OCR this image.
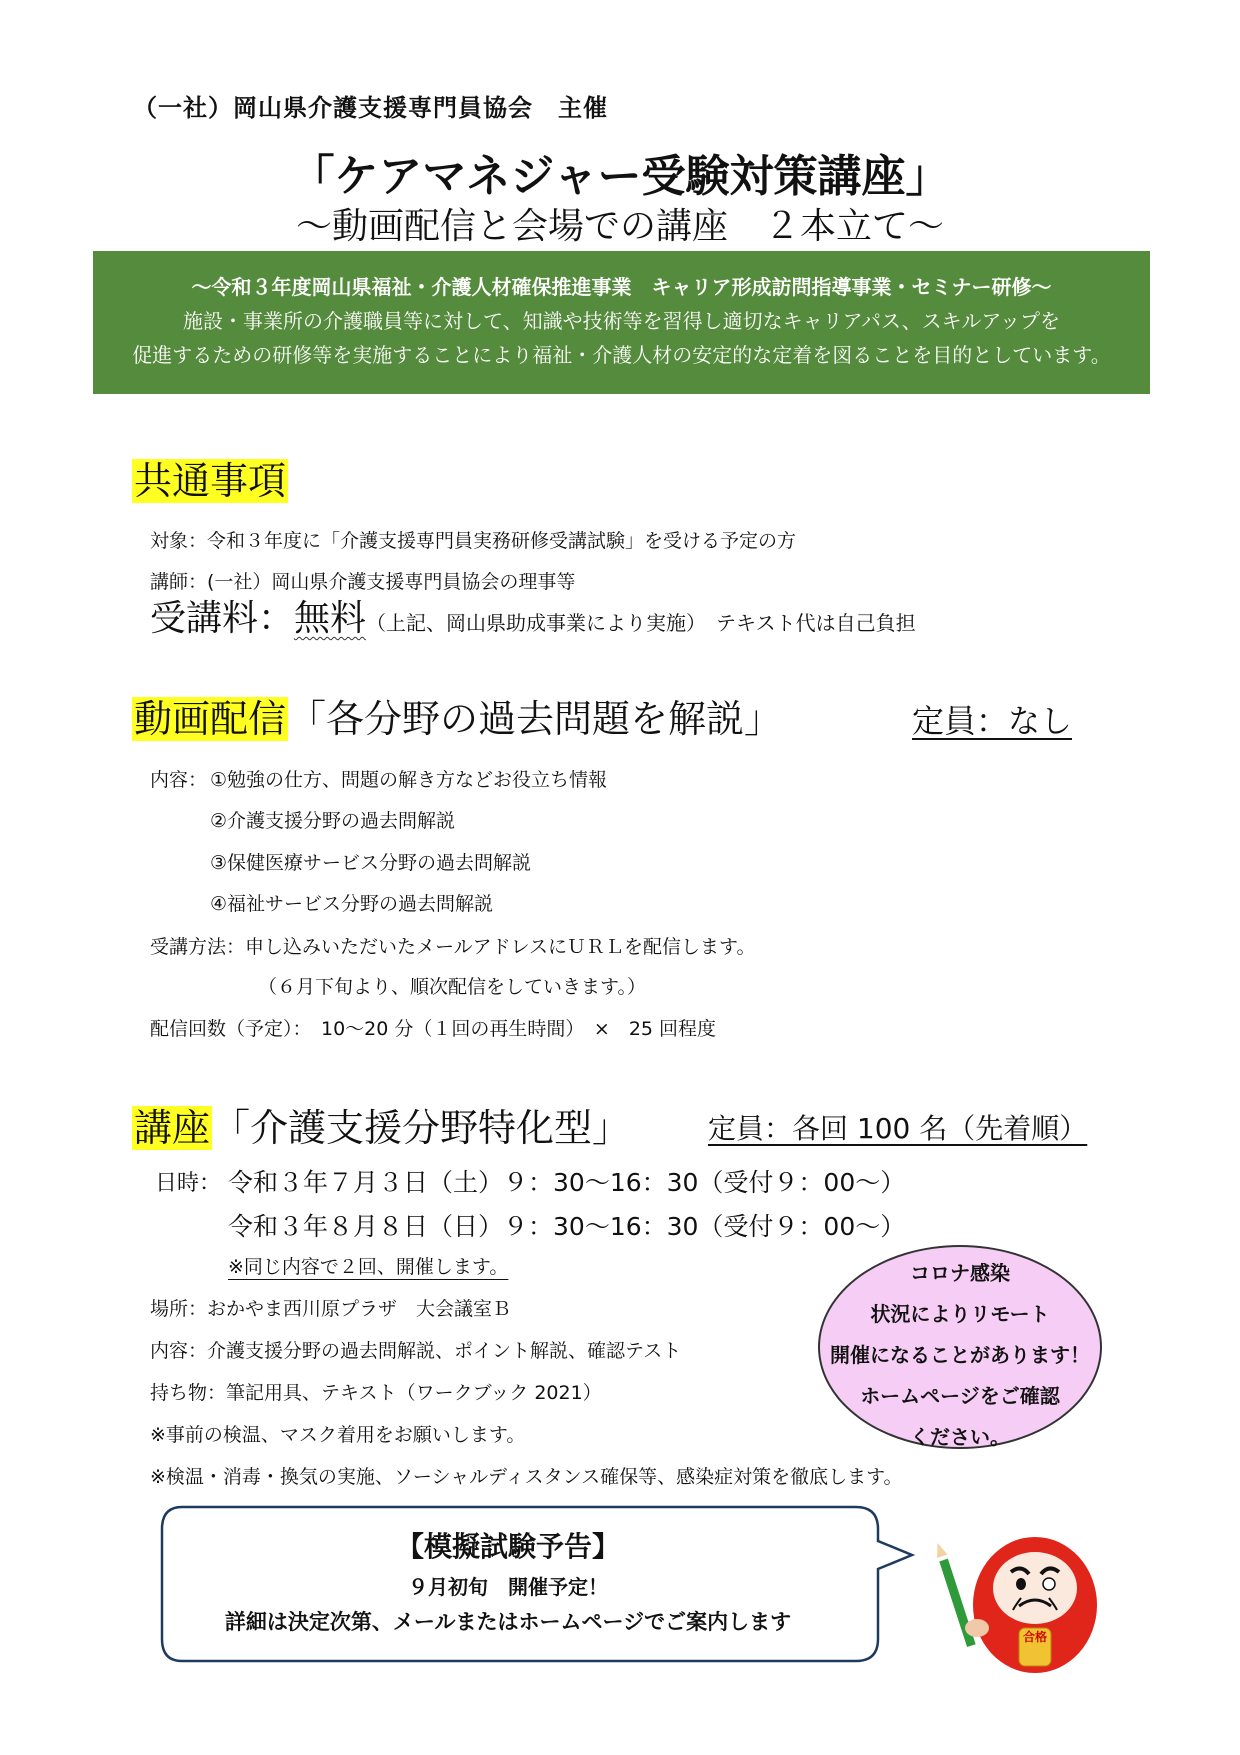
（一社）岡山県介護支援専門員協会　主催
「ケアマネジャー受験対策講座」
～動画配信と会場での講座　２本立て～
～令和３年度岡山県福祉・介護人材確保推進事業　キャリア形成訪問指導事業・セミナー研修～
施設・事業所の介護職員等に対して、知識や技術等を習得し適切なキャリアパス、スキルアップを
促進するための研修等を実施することにより福祉・介護人材の安定的な定着を図ることを目的としています。
共通事項
対象：令和３年度に「介護支援専門員実務研修受講試験」を受ける予定の方
講師：(一社）岡山県介護支援専門員協会の理事等
受講料：無料（上記、岡山県助成事業により実施）　テキスト代は自己負担
動画配信「各分野の過去問題を解説」	定員：なし
内容： ①勉強の仕方、問題の解き方などお役立ち情報
②介護支援分野の過去問解説
③保健医療サービス分野の過去問解説
④福祉サービス分野の過去問解説
受講方法：申し込みいただいたメールアドレスにＵＲＬを配信します。
（６月下旬より、順次配信をしていきます。）
配信回数（予定）：　10～20 分（１回の再生時間）　×　25 回程度
講座「介護支援分野特化型」	定員：各回 100 名（先着順）
日時： 令和３年７月３日（土）９：30～16：30（受付９：00～）
令和３年８月８日（日）９：30～16：30（受付９：00～）
※同じ内容で２回、開催します。
場所：おかやま西川原プラザ　大会議室Ｂ
内容：介護支援分野の過去問解説、ポイント解説、確認テスト
持ち物：筆記用具、テキスト（ワークブック 2021）
※事前の検温、マスク着用をお願いします。
※検温・消毒・換気の実施、ソーシャルディスタンス確保等、感染症対策を徹底します。
コロナ感染
状況によりリモート
開催になることがあります！
ホームページをご確認
ください。
【模擬試験予告】
９月初旬　開催予定！
詳細は決定次第、メールまたはホームページでご案内します
合格
